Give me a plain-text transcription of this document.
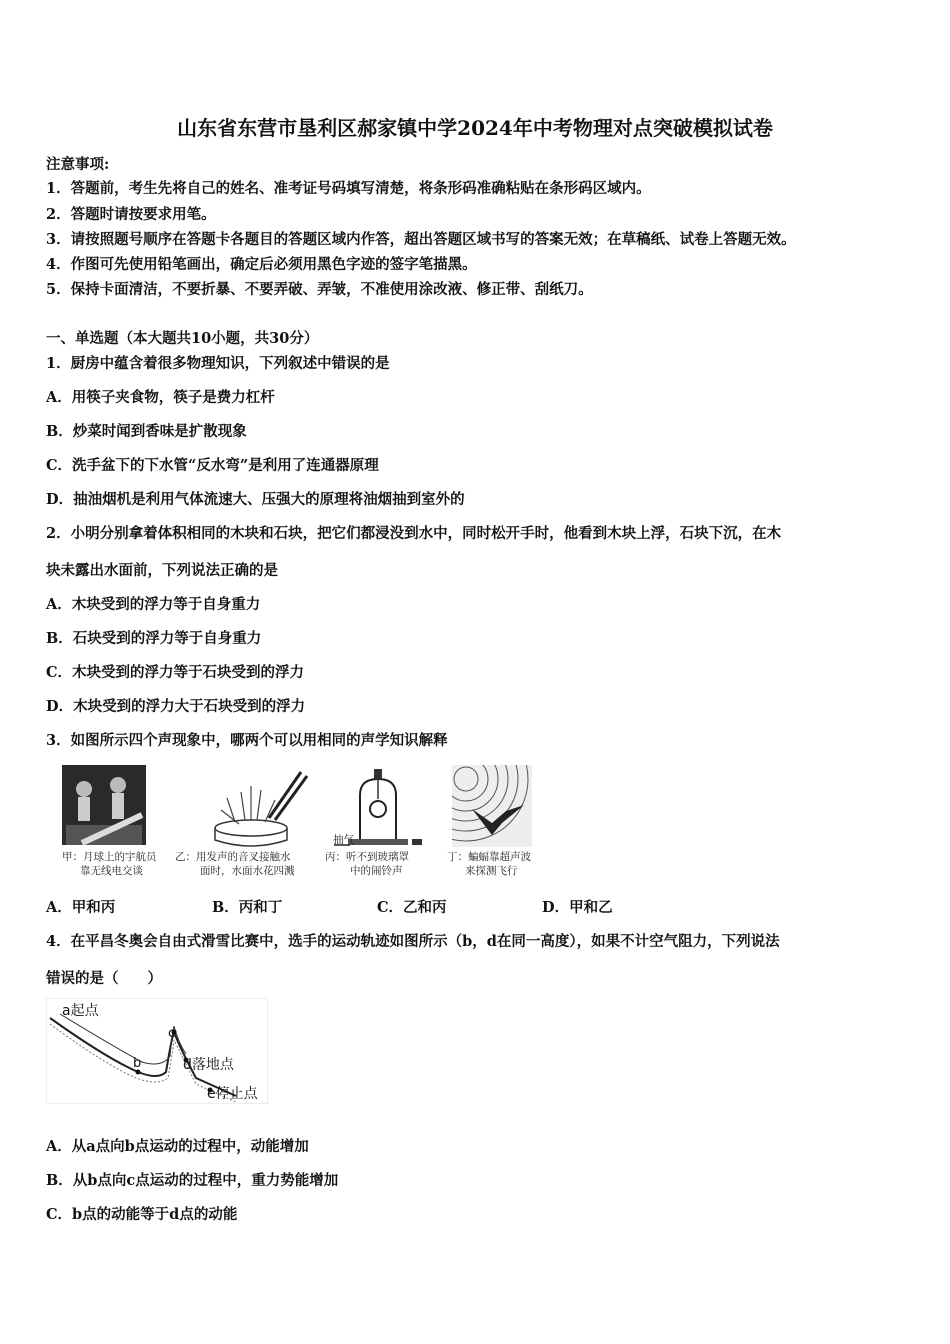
山东省东营市垦利区郝家镇中学2024年中考物理对点突破模拟试卷
注意事项:
1．答题前，考生先将自己的姓名、准考证号码填写清楚，将条形码准确粘贴在条形码区域内。
2．答题时请按要求用笔。
3．请按照题号顺序在答题卡各题目的答题区域内作答，超出答题区域书写的答案无效；在草稿纸、试卷上答题无效。
4．作图可先使用铅笔画出，确定后必须用黑色字迹的签字笔描黑。
5．保持卡面清洁，不要折暴、不要弄破、弄皱，不准使用涂改液、修正带、刮纸刀。
一、单选题（本大题共10小题，共30分）
1．厨房中蕴含着很多物理知识，下列叙述中错误的是
A．用筷子夹食物，筷子是费力杠杆
B．炒菜时闻到香味是扩散现象
C．洗手盆下的下水管“反水弯”是利用了连通器原理
D．抽油烟机是利用气体流速大、压强大的原理将油烟抽到室外的
2．小明分别拿着体积相同的木块和石块，把它们都浸没到水中，同时松开手时，他看到木块上浮，石块下沉，在木
块未露出水面前，下列说法正确的是
A．木块受到的浮力等于自身重力
B．石块受到的浮力等于自身重力
C．木块受到的浮力等于石块受到的浮力
D．木块受到的浮力大于石块受到的浮力
3．如图所示四个声现象中，哪两个可以用相同的声学知识解释
甲：月球上的宇航员
靠无线电交谈
乙：用发声的音叉接触水
面时，水面水花四溅
抽气
丙：听不到玻璃罩
中的闹铃声
丁：蝙蝠靠超声波
来探测飞行
A．甲和丙	B．丙和丁	C．乙和丙	D．甲和乙
4．在平昌冬奥会自由式滑雪比赛中，选手的运动轨迹如图所示（b，d在同一高度），如果不计空气阻力，下列说法
错误的是（　　）
a起点
b
c
d落地点
e停止点
A．从a点向b点运动的过程中，动能增加
B．从b点向c点运动的过程中，重力势能增加
C．b点的动能等于d点的动能
